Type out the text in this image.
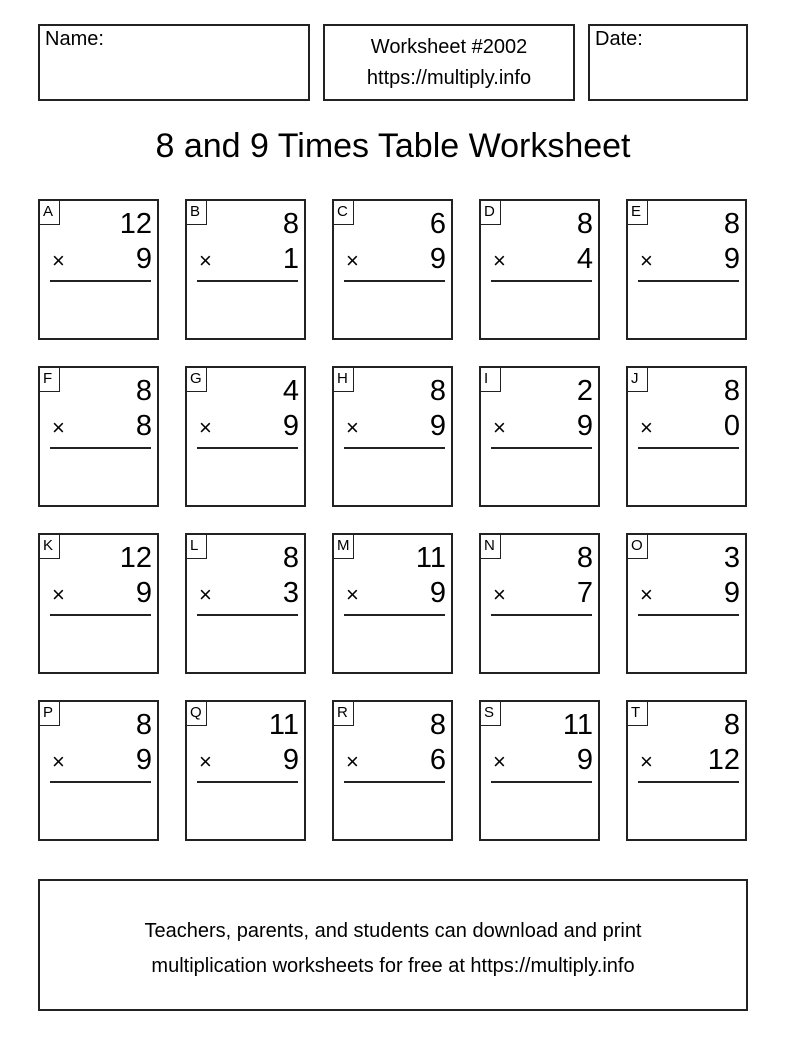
Name:	Worksheet #2002
https://multiply.info
Date:
8 and 9 Times Table Worksheet
A 12
× 9
B	8
× 1
C	6
× 9
D	8
× 4
E	8
× 9
F	8
× 8
G	4
× 9
H	8
× 9
I	2
× 9
J	8
× 0
K 12
× 9
L	8
× 3
M 11
× 9
N	8
× 7
O	3
× 9
P	8
× 9
Q 11
× 9
R	8
× 6
S 11
× 9
T	8
× 12
Teachers, parents, and students can download and print
multiplication worksheets for free at https://multiply.info
